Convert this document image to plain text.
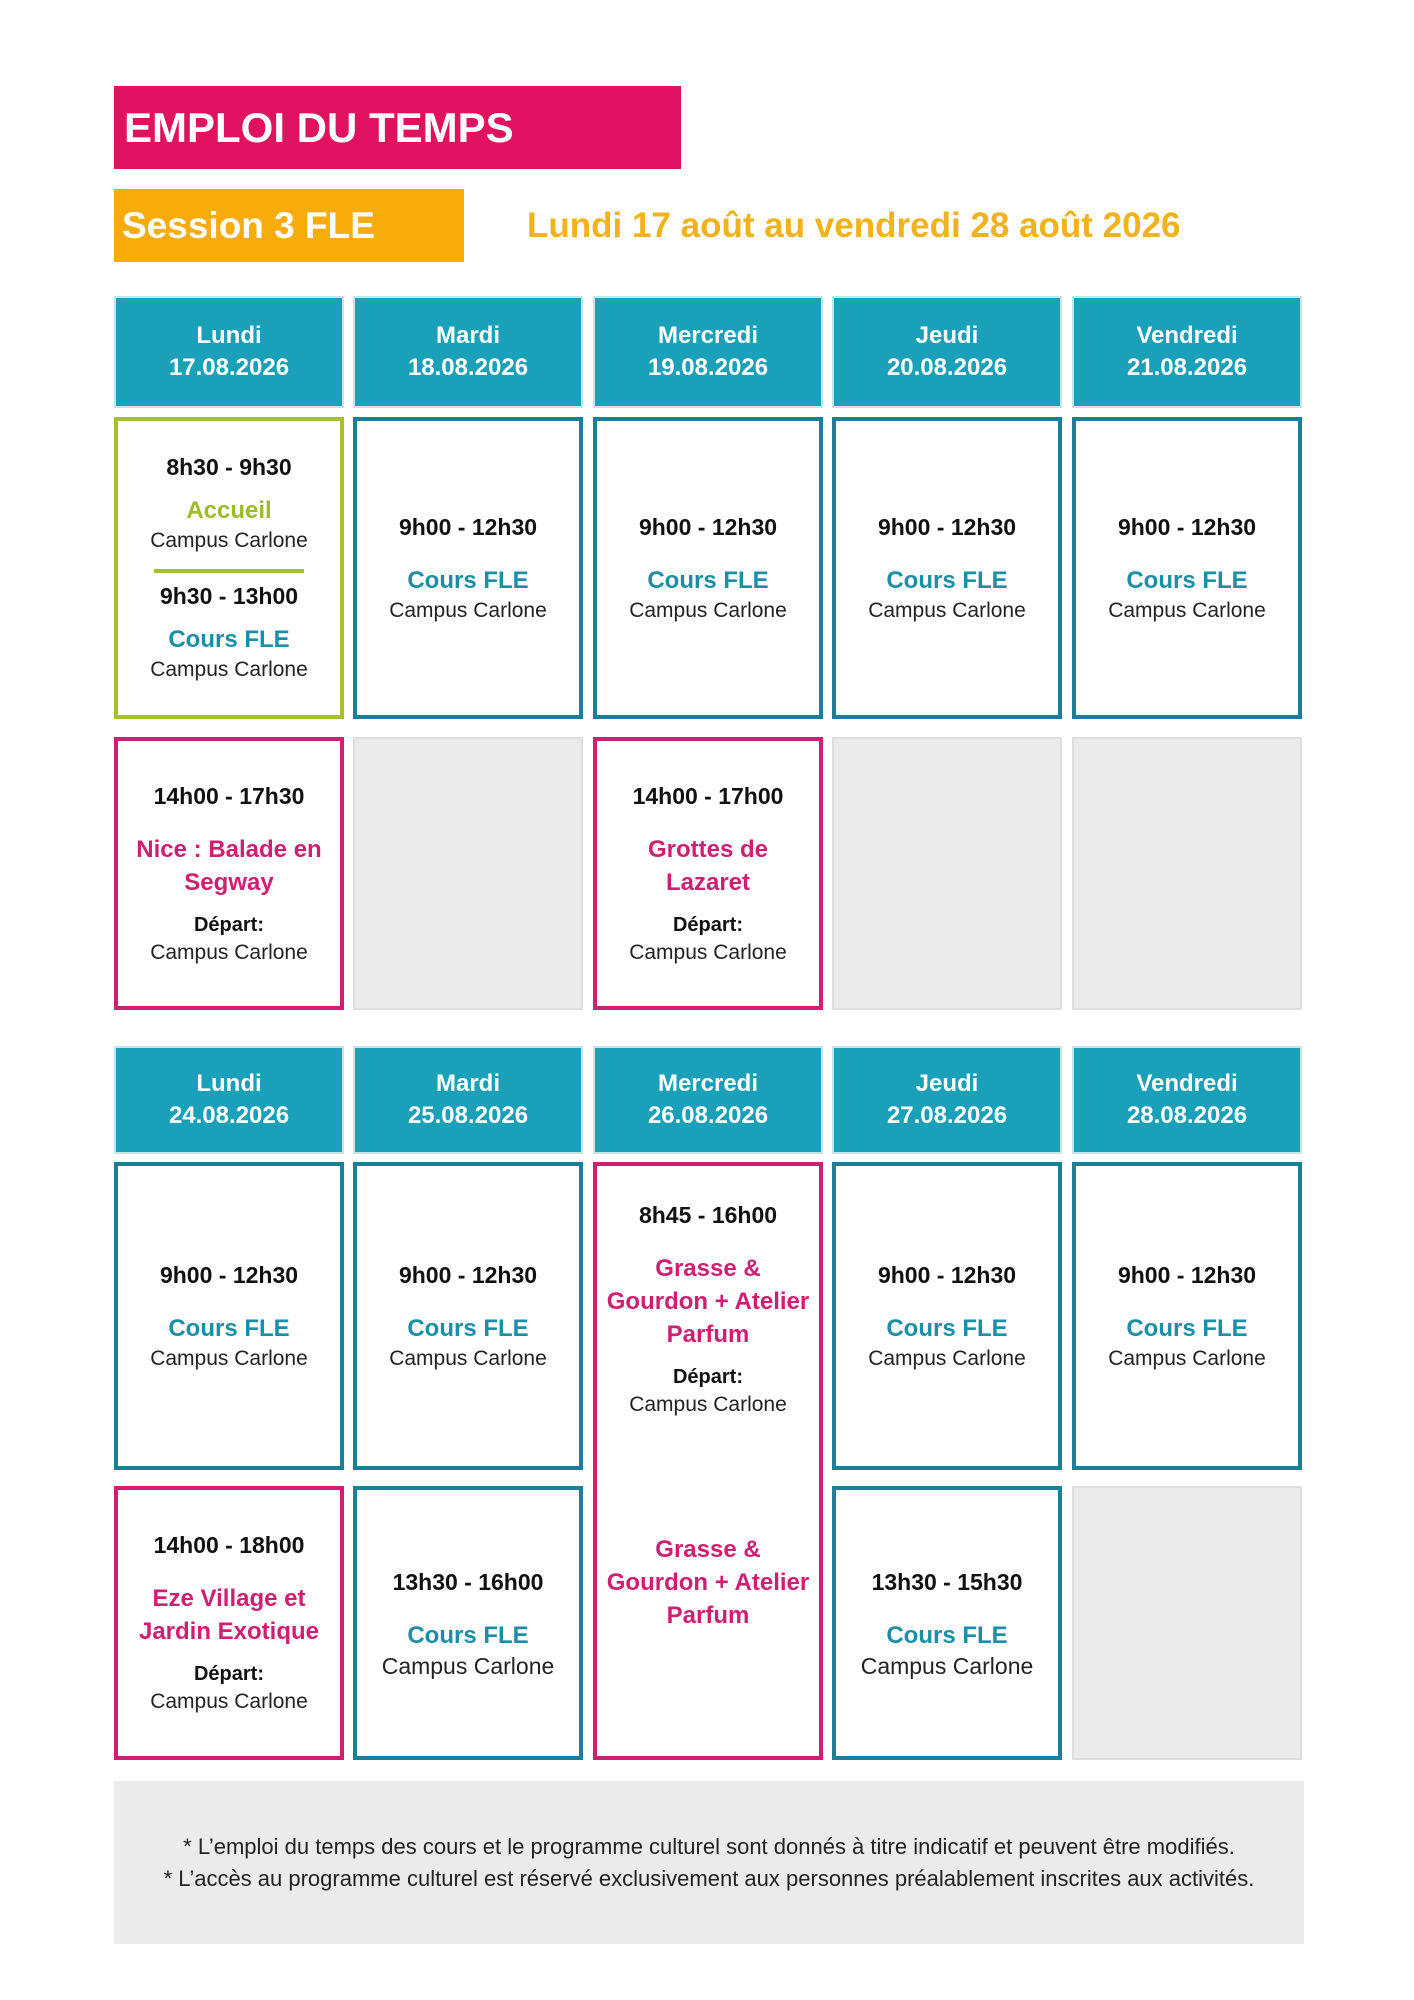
EMPLOI DU TEMPS
Session 3 FLE	Lundi 17 août au vendredi 28 août 2026
Lundi
17.08.2026
Mardi
18.08.2026
Mercredi
19.08.2026
Jeudi
20.08.2026
Vendredi
21.08.2026
8h30 - 9h30
Accueil
Campus Carlone
9h30 - 13h00
Cours FLE
Campus Carlone
9h00 - 12h30
Cours FLE
Campus Carlone
9h00 - 12h30
Cours FLE
Campus Carlone
9h00 - 12h30
Cours FLE
Campus Carlone
9h00 - 12h30
Cours FLE
Campus Carlone
14h00 - 17h30
Nice : Balade en
Segway
Départ:
Campus Carlone
14h00 - 17h00
Grottes de
Lazaret
Départ:
Campus Carlone
Lundi
24.08.2026
Mardi
25.08.2026
Mercredi
26.08.2026
Jeudi
27.08.2026
Vendredi
28.08.2026
9h00 - 12h30
Cours FLE
Campus Carlone
9h00 - 12h30
Cours FLE
Campus Carlone
8h45 - 16h00
Grasse &
Gourdon + Atelier
Parfum
Départ:
Campus Carlone
Grasse &
Gourdon + Atelier
Parfum
9h00 - 12h30
Cours FLE
Campus Carlone
9h00 - 12h30
Cours FLE
Campus Carlone
14h00 - 18h00
Eze Village et
Jardin Exotique
Départ:
Campus Carlone
13h30 - 16h00
Cours FLE
Campus Carlone
13h30 - 15h30
Cours FLE
Campus Carlone
* L’emploi du temps des cours et le programme culturel sont donnés à titre indicatif et peuvent être modifiés.
* L’accès au programme culturel est réservé exclusivement aux personnes préalablement inscrites aux activités.
